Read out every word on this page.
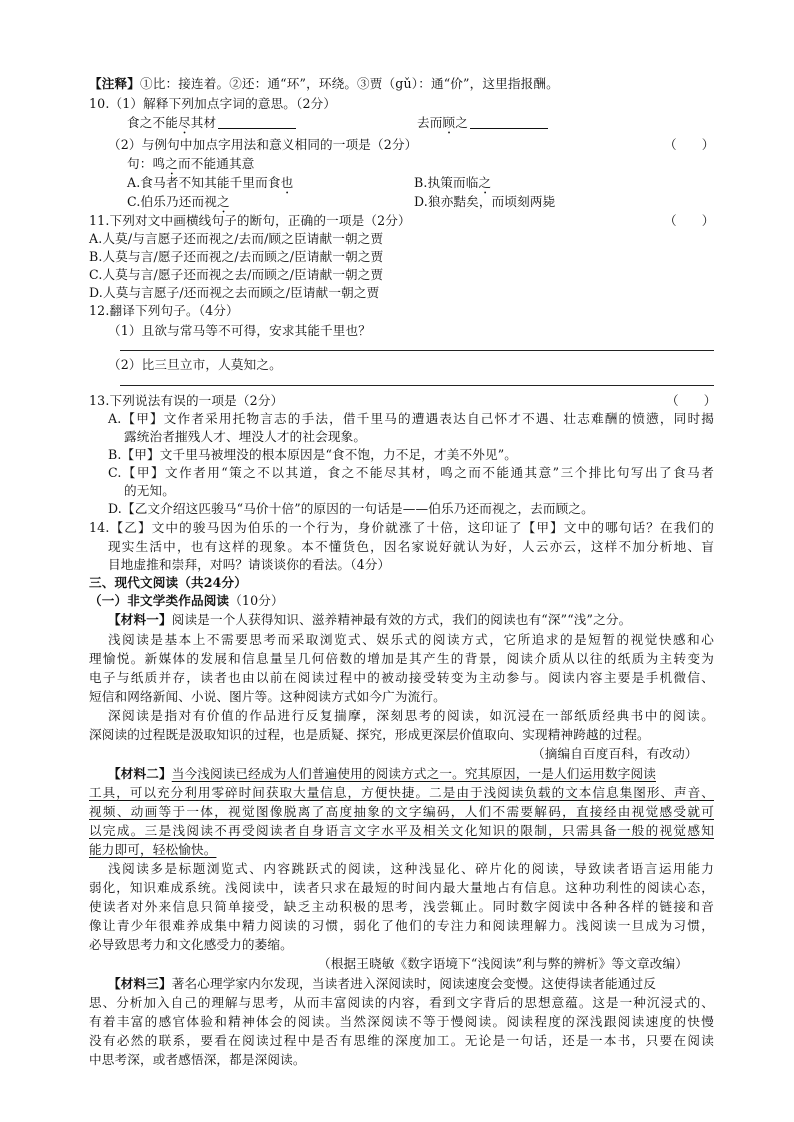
【注释】①比：接连着。②还：通“环”，环绕。③贾（gǔ）：通“价”，这里指报酬。
10.（1）解释下列加点字词的意思。（2分）
食之不能尽其材	去而顾之
（2）与例句中加点字用法和意义相同的一项是（2分）	（　　）
句：鸣之而不能通其意
A.食马者不知其能千里而食也	B.执策而临之
C.伯乐乃还而视之	D.狼亦黠矣，而顷刻两毙
11.下列对文中画横线句子的断句，正确的一项是（2分）	（　　）
A.人莫/与言愿子还而视之/去而/顾之臣请献一朝之贾
B.人莫与言/愿子还而视之/去而顾之/臣请献一朝之贾
C.人莫与言/愿子还而视之去/而顾之/臣请献一朝之贾
D.人莫与言愿子/还而视之去而顾之/臣请献一朝之贾
12.翻译下列句子。（4分）
（1）且欲与常马等不可得，安求其能千里也？
（2）比三旦立市，人莫知之。
13.下列说法有误的一项是（2分）	（　　）
A.【甲】文作者采用托物言志的手法，借千里马的遭遇表达自己怀才不遇、壮志难酬的愤懑，同时揭
露统治者摧残人才、埋没人才的社会现象。
B.【甲】文千里马被埋没的根本原因是“食不饱，力不足，才美不外见”。
C.【甲】文作者用“策之不以其道，食之不能尽其材，鸣之而不能通其意”三个排比句写出了食马者
的无知。
D.【乙文介绍这匹骏马“马价十倍”的原因的一句话是——伯乐乃还而视之，去而顾之。
14.【乙】文中的骏马因为伯乐的一个行为，身价就涨了十倍，这印证了【甲】文中的哪句话？在我们的
现实生活中，也有这样的现象。本不懂货色，因名家说好就认为好，人云亦云，这样不加分析地、盲
目地虚推和崇拜，对吗？请谈谈你的看法。（4分）
三、现代文阅读（共24分）
（一）非文学类作品阅读（10分）
【材料一】阅读是一个人获得知识、滋养精神最有效的方式，我们的阅读也有“深”“浅”之分。
浅阅读是基本上不需要思考而采取浏览式、娱乐式的阅读方式，它所追求的是短暂的视觉快感和心
理愉悦。新媒体的发展和信息量呈几何倍数的增加是其产生的背景，阅读介质从以往的纸质为主转变为
电子与纸质并存，读者也由以前在阅读过程中的被动接受转变为主动参与。阅读内容主要是手机微信、
短信和网络新闻、小说、图片等。这种阅读方式如今广为流行。
深阅读是指对有价值的作品进行反复揣摩，深刻思考的阅读，如沉浸在一部纸质经典书中的阅读。
深阅读的过程既是汲取知识的过程，也是质疑、探究，形成更深层价值取向、实现精神跨越的过程。
（摘编自百度百科，有改动）
【材料二】当今浅阅读已经成为人们普遍使用的阅读方式之一。究其原因，一是人们运用数字阅读
工具，可以充分利用零碎时间获取大量信息，方便快捷。二是由于浅阅读负载的文本信息集图形、声音、
视频、动画等于一体，视觉图像脱离了高度抽象的文字编码，人们不需要解码，直接经由视觉感受就可
以完成。三是浅阅读不再受阅读者自身语言文字水平及相关文化知识的限制，只需具备一般的视觉感知
能力即可，轻松愉快。
浅阅读多是标题浏览式、内容跳跃式的阅读，这种浅显化、碎片化的阅读，导致读者语言运用能力
弱化，知识难成系统。浅阅读中，读者只求在最短的时间内最大量地占有信息。这种功利性的阅读心态，
使读者对外来信息只简单接受，缺乏主动积极的思考，浅尝辄止。同时数字阅读中各种各样的链接和音
像让青少年很难养成集中精力阅读的习惯，弱化了他们的专注力和阅读理解力。浅阅读一旦成为习惯，
必导致思考力和文化感受力的萎缩。
（根据王晓敏《数字语境下“浅阅读”利与弊的辨析》等文章改编）
【材料三】著名心理学家内尔发现，当读者进入深阅读时，阅读速度会变慢。这使得读者能通过反
思、分析加入自己的理解与思考，从而丰富阅读的内容，看到文字背后的思想意蕴。这是一种沉浸式的、
有着丰富的感官体验和精神体会的阅读。当然深阅读不等于慢阅读。阅读程度的深浅跟阅读速度的快慢
没有必然的联系，要看在阅读过程中是否有思维的深度加工。无论是一句话，还是一本书，只要在阅读
中思考深，或者感悟深，都是深阅读。
